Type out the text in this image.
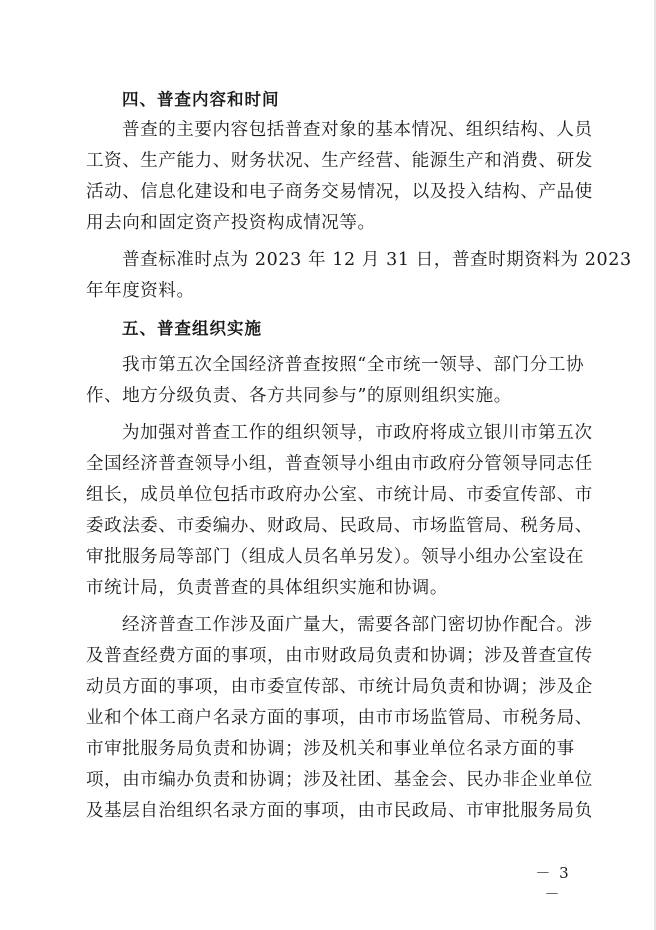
四、普查内容和时间
普查的主要内容包括普查对象的基本情况、组织结构、人员
工资、生产能力、财务状况、生产经营、能源生产和消费、研发
活动、信息化建设和电子商务交易情况，以及投入结构、产品使
用去向和固定资产投资构成情况等。
普查标准时点为 2023 年 12 月 31 日，普查时期资料为 2023
年年度资料。
五、普查组织实施
我市第五次全国经济普查按照“全市统一领导、部门分工协
作、地方分级负责、各方共同参与”的原则组织实施。
为加强对普查工作的组织领导，市政府将成立银川市第五次
全国经济普查领导小组，普查领导小组由市政府分管领导同志任
组长，成员单位包括市政府办公室、市统计局、市委宣传部、市
委政法委、市委编办、财政局、民政局、市场监管局、税务局、
审批服务局等部门（组成人员名单另发）。领导小组办公室设在
市统计局，负责普查的具体组织实施和协调。
经济普查工作涉及面广量大，需要各部门密切协作配合。涉
及普查经费方面的事项，由市财政局负责和协调；涉及普查宣传
动员方面的事项，由市委宣传部、市统计局负责和协调；涉及企
业和个体工商户名录方面的事项，由市市场监管局、市税务局、
市审批服务局负责和协调；涉及机关和事业单位名录方面的事
项，由市编办负责和协调；涉及社团、基金会、民办非企业单位
及基层自治组织名录方面的事项，由市民政局、市审批服务局负
－ 3 －
